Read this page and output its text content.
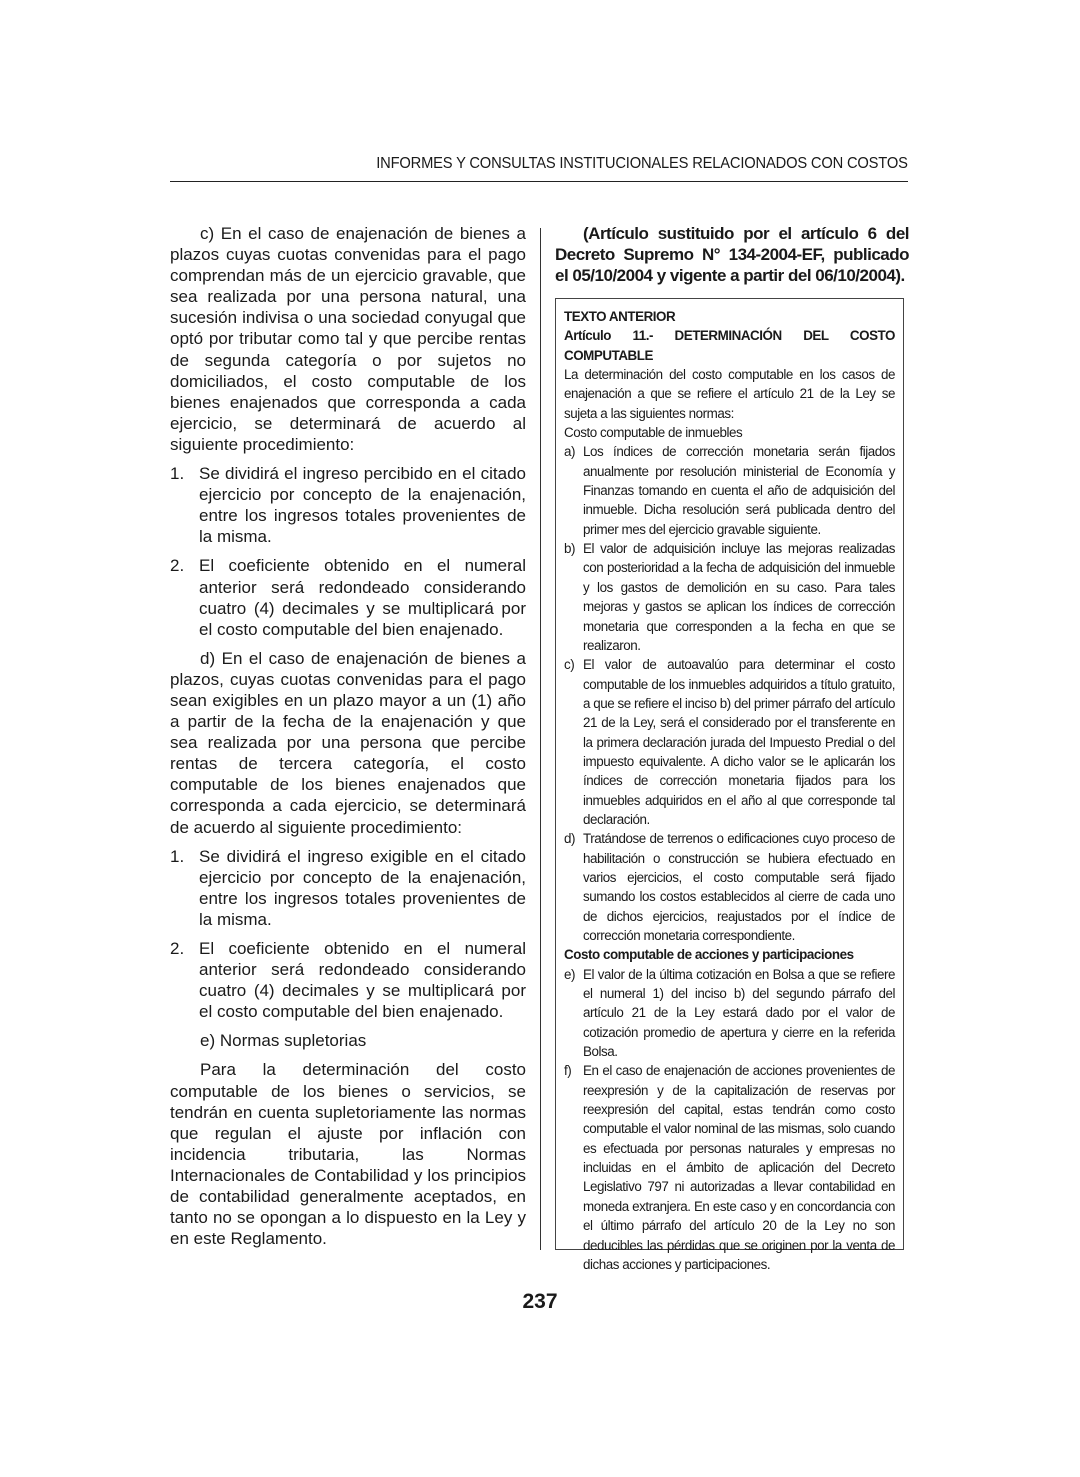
INFORMES Y CONSULTAS INSTITUCIONALES RELACIONADOS CON COSTOS

c) En el caso de enajenación de bienes a plazos cuyas cuotas convenidas para el pago comprendan más de un ejercicio gravable, que sea realizada por una persona natural, una sucesión indivisa o una sociedad conyugal que optó por tributar como tal y que percibe rentas de segunda categoría o por sujetos no domiciliados, el costo computable de los bienes enajenados que corresponda a cada ejercicio, se determinará de acuerdo al siguiente procedimiento:

1. Se dividirá el ingreso percibido en el citado ejercicio por concepto de la enajenación, entre los ingresos totales provenientes de la misma.
2. El coeficiente obtenido en el numeral anterior será redondeado considerando cuatro (4) decimales y se multiplicará por el costo computable del bien enajenado.

d) En el caso de enajenación de bienes a plazos, cuyas cuotas convenidas para el pago sean exigibles en un plazo mayor a un (1) año a partir de la fecha de la enajenación y que sea realizada por una persona que percibe rentas de tercera categoría, el costo computable de los bienes enajenados que corresponda a cada ejercicio, se determinará de acuerdo al siguiente procedimiento:

1. Se dividirá el ingreso exigible en el citado ejercicio por concepto de la enajenación, entre los ingresos totales provenientes de la misma.
2. El coeficiente obtenido en el numeral anterior será redondeado considerando cuatro (4) decimales y se multiplicará por el costo computable del bien enajenado.

e) Normas supletorias

Para la determinación del costo computable de los bienes o servicios, se tendrán en cuenta supletoriamente las normas que regulan el ajuste por inflación con incidencia tributaria, las Normas Internacionales de Contabilidad y los principios de contabilidad generalmente aceptados, en tanto no se opongan a lo dispuesto en la Ley y en este Reglamento.

(Artículo sustituido por el artículo 6 del Decreto Supremo N° 134-2004-EF, publicado el 05/10/2004 y vigente a partir del 06/10/2004).

TEXTO ANTERIOR

Artículo 11.- DETERMINACIÓN DEL COSTO COMPUTABLE

La determinación del costo computable en los casos de enajenación a que se refiere el artículo 21 de la Ley se sujeta a las siguientes normas:

Costo computable de inmuebles

a) Los índices de corrección monetaria serán fijados anualmente por resolución ministerial de Economía y Finanzas tomando en cuenta el año de adquisición del inmueble. Dicha resolución será publicada dentro del primer mes del ejercicio gravable siguiente.
b) El valor de adquisición incluye las mejoras realizadas con posterioridad a la fecha de adquisición del inmueble y los gastos de demolición en su caso. Para tales mejoras y gastos se aplican los índices de corrección monetaria que corresponden a la fecha en que se realizaron.
c) El valor de autoavalúo para determinar el costo computable de los inmuebles adquiridos a título gratuito, a que se refiere el inciso b) del primer párrafo del artículo 21 de la Ley, será el considerado por el transferente en la primera declaración jurada del Impuesto Predial o del impuesto equivalente. A dicho valor se le aplicarán los índices de corrección monetaria fijados para los inmuebles adquiridos en el año al que corresponde tal declaración.
d) Tratándose de terrenos o edificaciones cuyo proceso de habilitación o construcción se hubiera efectuado en varios ejercicios, el costo computable será fijado sumando los costos establecidos al cierre de cada uno de dichos ejercicios, reajustados por el índice de corrección monetaria correspondiente.

Costo computable de acciones y participaciones

e) El valor de la última cotización en Bolsa a que se refiere el numeral 1) del inciso b) del segundo párrafo del artículo 21 de la Ley estará dado por el valor de cotización promedio de apertura y cierre en la referida Bolsa.
f) En el caso de enajenación de acciones provenientes de reexpresión y de la capitalización de reservas por reexpresión del capital, estas tendrán como costo computable el valor nominal de las mismas, solo cuando es efectuada por personas naturales y empresas no incluidas en el ámbito de aplicación del Decreto Legislativo 797 ni autorizadas a llevar contabilidad en moneda extranjera. En este caso y en concordancia con el último párrafo del artículo 20 de la Ley no son deducibles las pérdidas que se originen por la venta de dichas acciones y participaciones.
237
